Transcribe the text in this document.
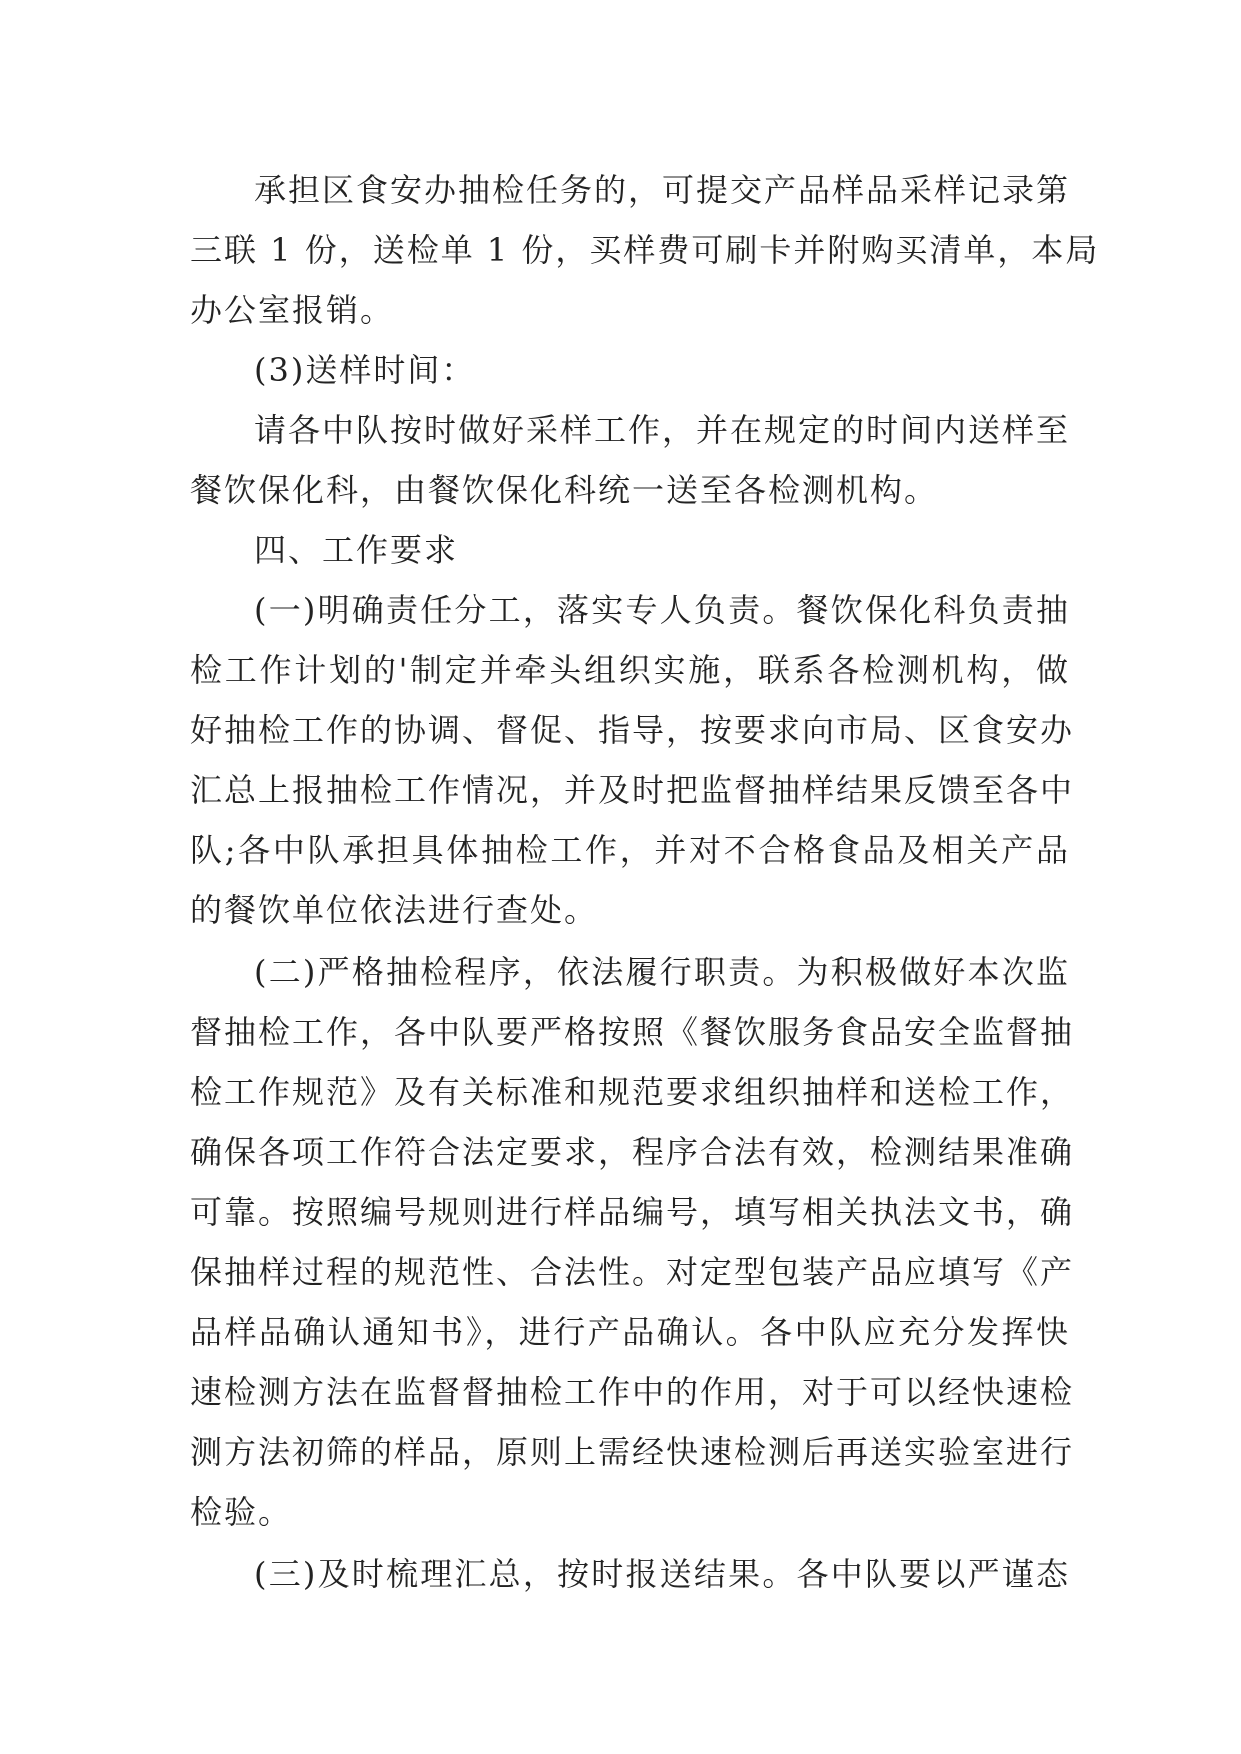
承担区食安办抽检任务的，可提交产品样品采样记录第
三联 1 份，送检单 1 份，买样费可刷卡并附购买清单，本局
办公室报销。
(3)送样时间：
请各中队按时做好采样工作，并在规定的时间内送样至
餐饮保化科，由餐饮保化科统一送至各检测机构。
四、工作要求
(一)明确责任分工，落实专人负责。餐饮保化科负责抽
检工作计划的'制定并牵头组织实施，联系各检测机构，做
好抽检工作的协调、督促、指导，按要求向市局、区食安办
汇总上报抽检工作情况，并及时把监督抽样结果反馈至各中
队;各中队承担具体抽检工作，并对不合格食品及相关产品
的餐饮单位依法进行查处。
(二)严格抽检程序，依法履行职责。为积极做好本次监
督抽检工作，各中队要严格按照《餐饮服务食品安全监督抽
检工作规范》及有关标准和规范要求组织抽样和送检工作，
确保各项工作符合法定要求，程序合法有效，检测结果准确
可靠。按照编号规则进行样品编号，填写相关执法文书，确
保抽样过程的规范性、合法性。对定型包装产品应填写《产
品样品确认通知书》，进行产品确认。各中队应充分发挥快
速检测方法在监督督抽检工作中的作用，对于可以经快速检
测方法初筛的样品，原则上需经快速检测后再送实验室进行
检验。
(三)及时梳理汇总，按时报送结果。各中队要以严谨态
